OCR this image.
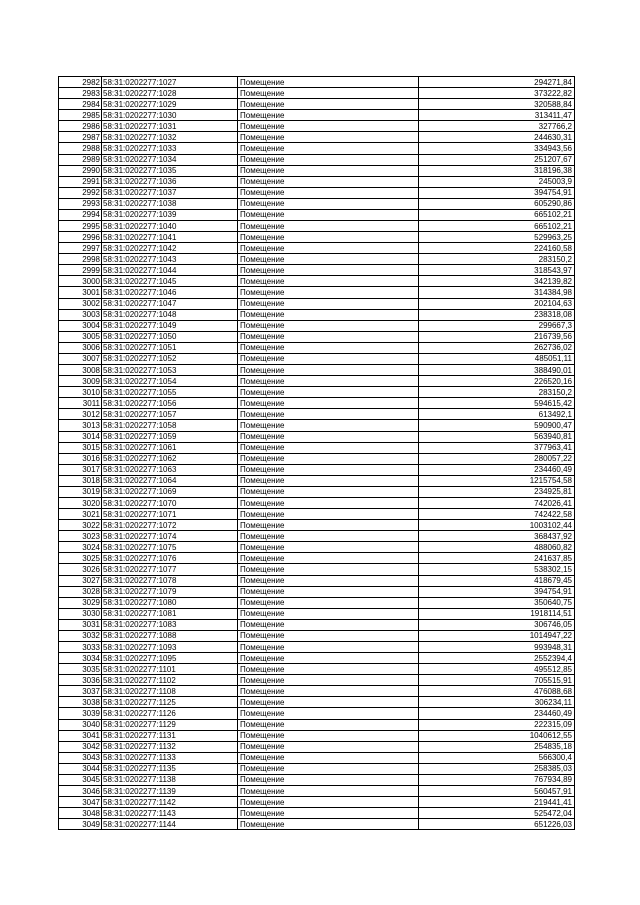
2982	58:31:0202277:1027	Помещение	294271,84
2983	58:31:0202277:1028	Помещение	373222,82
2984	58:31:0202277:1029	Помещение	320588,84
2985	58:31:0202277:1030	Помещение	313411,47
2986	58:31:0202277:1031	Помещение	327766,2
2987	58:31:0202277:1032	Помещение	244630,31
2988	58:31:0202277:1033	Помещение	334943,56
2989	58:31:0202277:1034	Помещение	251207,67
2990	58:31:0202277:1035	Помещение	318196,38
2991	58:31:0202277:1036	Помещение	245003,9
2992	58:31:0202277:1037	Помещение	394754,91
2993	58:31:0202277:1038	Помещение	605290,86
2994	58:31:0202277:1039	Помещение	665102,21
2995	58:31:0202277:1040	Помещение	665102,21
2996	58:31:0202277:1041	Помещение	529963,25
2997	58:31:0202277:1042	Помещение	224160,58
2998	58:31:0202277:1043	Помещение	283150,2
2999	58:31:0202277:1044	Помещение	318543,97
3000	58:31:0202277:1045	Помещение	342139,82
3001	58:31:0202277:1046	Помещение	314384,98
3002	58:31:0202277:1047	Помещение	202104,63
3003	58:31:0202277:1048	Помещение	238318,08
3004	58:31:0202277:1049	Помещение	299667,3
3005	58:31:0202277:1050	Помещение	216739,56
3006	58:31:0202277:1051	Помещение	262736,02
3007	58:31:0202277:1052	Помещение	485051,11
3008	58:31:0202277:1053	Помещение	388490,01
3009	58:31:0202277:1054	Помещение	226520,16
3010	58:31:0202277:1055	Помещение	283150,2
3011	58:31:0202277:1056	Помещение	594615,42
3012	58:31:0202277:1057	Помещение	613492,1
3013	58:31:0202277:1058	Помещение	590900,47
3014	58:31:0202277:1059	Помещение	563940,81
3015	58:31:0202277:1061	Помещение	377963,41
3016	58:31:0202277:1062	Помещение	280057,22
3017	58:31:0202277:1063	Помещение	234460,49
3018	58:31:0202277:1064	Помещение	1215754,58
3019	58:31:0202277:1069	Помещение	234925,81
3020	58:31:0202277:1070	Помещение	742026,41
3021	58:31:0202277:1071	Помещение	742422,58
3022	58:31:0202277:1072	Помещение	1003102,44
3023	58:31:0202277:1074	Помещение	368437,92
3024	58:31:0202277:1075	Помещение	488060,82
3025	58:31:0202277:1076	Помещение	241637,85
3026	58:31:0202277:1077	Помещение	538302,15
3027	58:31:0202277:1078	Помещение	418679,45
3028	58:31:0202277:1079	Помещение	394754,91
3029	58:31:0202277:1080	Помещение	350640,75
3030	58:31:0202277:1081	Помещение	1918114,51
3031	58:31:0202277:1083	Помещение	306746,05
3032	58:31:0202277:1088	Помещение	1014947,22
3033	58:31:0202277:1093	Помещение	993948,31
3034	58:31:0202277:1095	Помещение	2552394,4
3035	58:31:0202277:1101	Помещение	495512,85
3036	58:31:0202277:1102	Помещение	705515,91
3037	58:31:0202277:1108	Помещение	476088,68
3038	58:31:0202277:1125	Помещение	306234,11
3039	58:31:0202277:1126	Помещение	234460,49
3040	58:31:0202277:1129	Помещение	222315,09
3041	58:31:0202277:1131	Помещение	1040612,55
3042	58:31:0202277:1132	Помещение	254835,18
3043	58:31:0202277:1133	Помещение	566300,4
3044	58:31:0202277:1135	Помещение	258385,03
3045	58:31:0202277:1138	Помещение	767934,89
3046	58:31:0202277:1139	Помещение	560457,91
3047	58:31:0202277:1142	Помещение	219441,41
3048	58:31:0202277:1143	Помещение	525472,04
3049	58:31:0202277:1144	Помещение	651226,03
